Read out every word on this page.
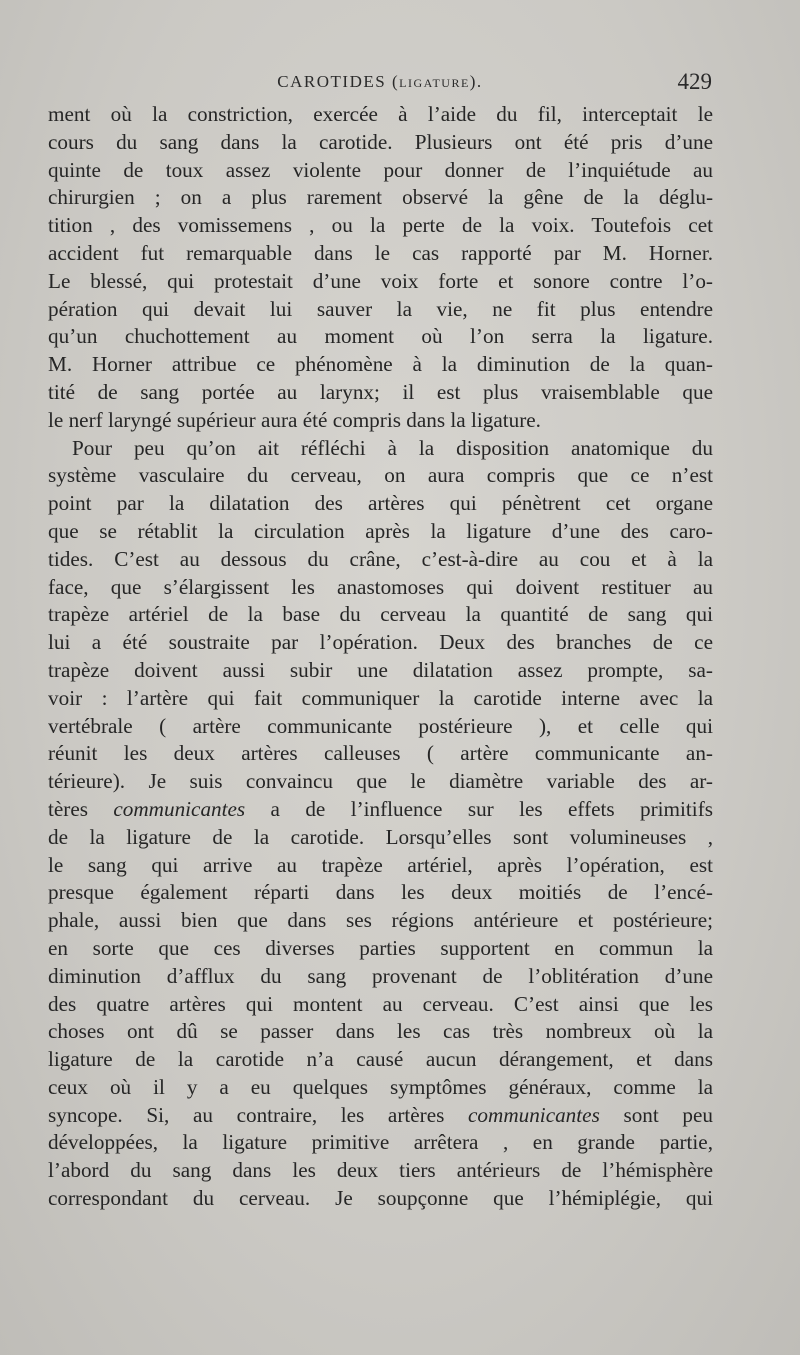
CAROTIDES (ligature).	429
ment où la constriction, exercée à l’aide du fil, interceptait le
cours du sang dans la carotide. Plusieurs ont été pris d’une
quinte de toux assez violente pour donner de l’inquiétude au
chirurgien ; on a plus rarement observé la gêne de la déglu-
tition , des vomissemens , ou la perte de la voix. Toutefois cet
accident fut remarquable dans le cas rapporté par M. Horner.
Le blessé, qui protestait d’une voix forte et sonore contre l’o-
pération qui devait lui sauver la vie, ne fit plus entendre
qu’un chuchottement au moment où l’on serra la ligature.
M. Horner attribue ce phénomène à la diminution de la quan-
tité de sang portée au larynx; il est plus vraisemblable que
le nerf laryngé supérieur aura été compris dans la ligature.
Pour peu qu’on ait réfléchi à la disposition anatomique du
système vasculaire du cerveau, on aura compris que ce n’est
point par la dilatation des artères qui pénètrent cet organe
que se rétablit la circulation après la ligature d’une des caro-
tides. C’est au dessous du crâne, c’est-à-dire au cou et à la
face, que s’élargissent les anastomoses qui doivent restituer au
trapèze artériel de la base du cerveau la quantité de sang qui
lui a été soustraite par l’opération. Deux des branches de ce
trapèze doivent aussi subir une dilatation assez prompte, sa-
voir : l’artère qui fait communiquer la carotide interne avec la
vertébrale ( artère communicante postérieure ), et celle qui
réunit les deux artères calleuses ( artère communicante an-
térieure). Je suis convaincu que le diamètre variable des ar-
tères communicantes a de l’influence sur les effets primitifs
de la ligature de la carotide. Lorsqu’elles sont volumineuses ,
le sang qui arrive au trapèze artériel, après l’opération, est
presque également réparti dans les deux moitiés de l’encé-
phale, aussi bien que dans ses régions antérieure et postérieure;
en sorte que ces diverses parties supportent en commun la
diminution d’afflux du sang provenant de l’oblitération d’une
des quatre artères qui montent au cerveau. C’est ainsi que les
choses ont dû se passer dans les cas très nombreux où la
ligature de la carotide n’a causé aucun dérangement, et dans
ceux où il y a eu quelques symptômes généraux, comme la
syncope. Si, au contraire, les artères communicantes sont peu
développées, la ligature primitive arrêtera , en grande partie,
l’abord du sang dans les deux tiers antérieurs de l’hémisphère
correspondant du cerveau. Je soupçonne que l’hémiplégie, qui
